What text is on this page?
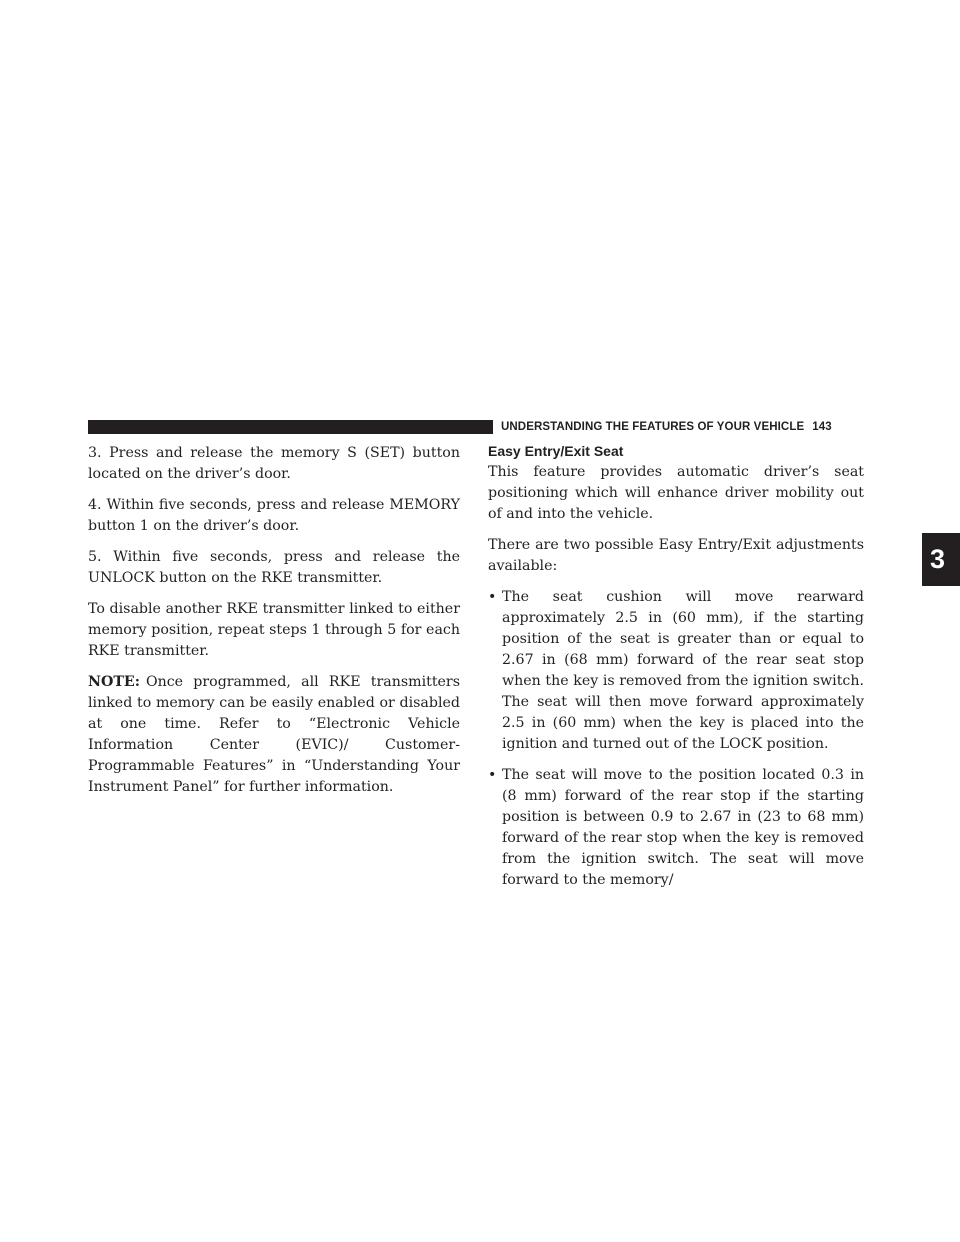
UNDERSTANDING THE FEATURES OF YOUR VEHICLE 143
3

3. Press and release the memory S (SET) button located on the driver’s door.

4. Within five seconds, press and release MEMORY button 1 on the driver’s door.

5. Within five seconds, press and release the UNLOCK button on the RKE transmitter.

To disable another RKE transmitter linked to either memory position, repeat steps 1 through 5 for each RKE transmitter.

NOTE: Once programmed, all RKE transmitters linked to memory can be easily enabled or disabled at one time. Refer to “Electronic Vehicle Information Center (EVIC)/ Customer-Programmable Features” in “Understanding Your Instrument Panel” for further information.

Easy Entry/Exit Seat

This feature provides automatic driver’s seat positioning which will enhance driver mobility out of and into the vehicle.

There are two possible Easy Entry/Exit adjustments available:

• The seat cushion will move rearward approximately 2.5 in (60 mm), if the starting position of the seat is greater than or equal to 2.67 in (68 mm) forward of the rear seat stop when the key is removed from the ignition switch. The seat will then move forward approximately 2.5 in (60 mm) when the key is placed into the ignition and turned out of the LOCK position.
• The seat will move to the position located 0.3 in (8 mm) forward of the rear stop if the starting position is between 0.9 to 2.67 in (23 to 68 mm) forward of the rear stop when the key is removed from the ignition switch. The seat will move forward to the memory/
